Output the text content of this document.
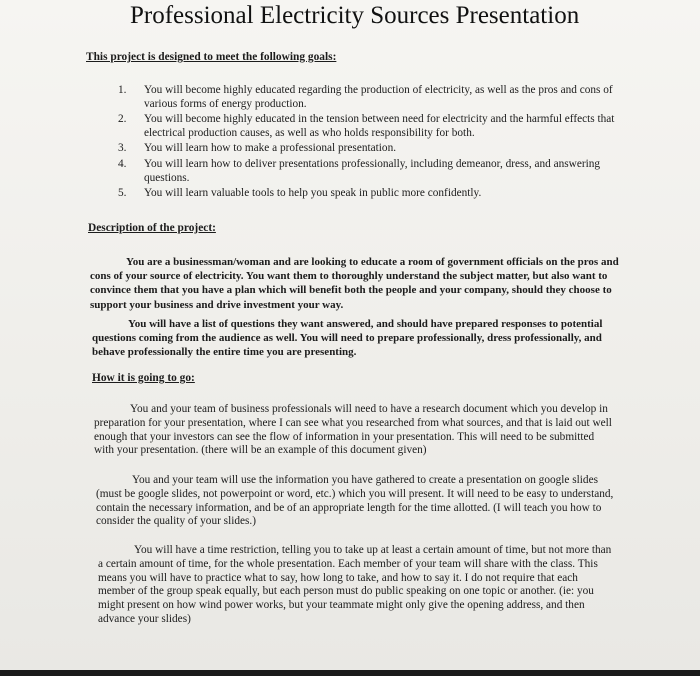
Professional Electricity Sources Presentation
This project is designed to meet the following goals:
1. You will become highly educated regarding the production of electricity, as well as the pros and cons of various forms of energy production.
2. You will become highly educated in the tension between need for electricity and the harmful effects that electrical production causes, as well as who holds responsibility for both.
3. You will learn how to make a professional presentation.
4. You will learn how to deliver presentations professionally, including demeanor, dress, and answering questions.
5. You will learn valuable tools to help you speak in public more confidently.
Description of the project:

You are a businessman/woman and are looking to educate a room of government officials on the pros and cons of your source of electricity. You want them to thoroughly understand the subject matter, but also want to convince them that you have a plan which will benefit both the people and your company, should they choose to support your business and drive investment your way.

You will have a list of questions they want answered, and should have prepared responses to potential questions coming from the audience as well. You will need to prepare professionally, dress professionally, and behave professionally the entire time you are presenting.

How it is going to go:

You and your team of business professionals will need to have a research document which you develop in preparation for your presentation, where I can see what you researched from what sources, and that is laid out well enough that your investors can see the flow of information in your presentation. This will need to be submitted with your presentation. (there will be an example of this document given)

You and your team will use the information you have gathered to create a presentation on google slides (must be google slides, not powerpoint or word, etc.) which you will present. It will need to be easy to understand, contain the necessary information, and be of an appropriate length for the time allotted. (I will teach you how to consider the quality of your slides.)

You will have a time restriction, telling you to take up at least a certain amount of time, but not more than a certain amount of time, for the whole presentation. Each member of your team will share with the class. This means you will have to practice what to say, how long to take, and how to say it. I do not require that each member of the group speak equally, but each person must do public speaking on one topic or another. (ie: you might present on how wind power works, but your teammate might only give the opening address, and then advance your slides)
